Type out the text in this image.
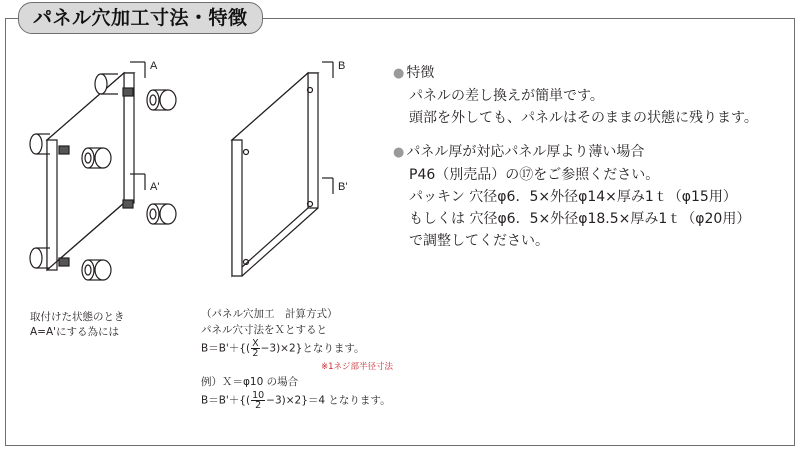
パネル穴加工寸法・特徴
A
A'
B
B'
● 特徴
パネルの差し換えが簡単です。
頭部を外しても、パネルはそのままの状態に残ります。
● パネル厚が対応パネル厚より薄い場合
P46（別売品）の⑰をご参照ください。
パッキン 穴径φ6．5×外径φ14×厚み1ｔ（φ15用）
もしくは 穴径φ6．5×外径φ18.5×厚み1ｔ（φ20用）
で調整してください。
取付けた状態のとき
A=A'にする為には
（パネル穴加工　計算方式）
パネル穴寸法をＸとすると
$B=B'+\{( \frac{X}{2} -3)\times 2\}$となります。
※1ネジ部半径寸法
例）Ｘ＝φ10 の場合
$B=B'+\{( \frac{10}{2} -3)\times 2\}=4$ となります。
